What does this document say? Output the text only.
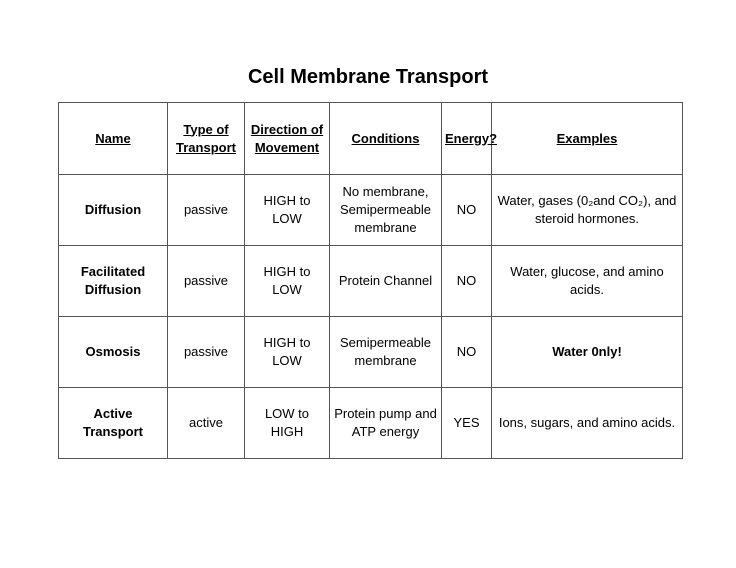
Cell Membrane Transport
Name	Type of Transport	Direction of Movement	Conditions	Energy?	Examples
Diffusion	passive	HIGH to LOW	No membrane, Semipermeable membrane	NO	Water, gases (0₂and CO₂), and steroid hormones.
Facilitated Diffusion	passive	HIGH to LOW	Protein Channel	NO	Water, glucose, and amino acids.
Osmosis	passive	HIGH to LOW	Semipermeable membrane	NO	Water 0nly!
Active Transport	active	LOW to HIGH	Protein pump and ATP energy	YES	Ions, sugars, and amino acids.
